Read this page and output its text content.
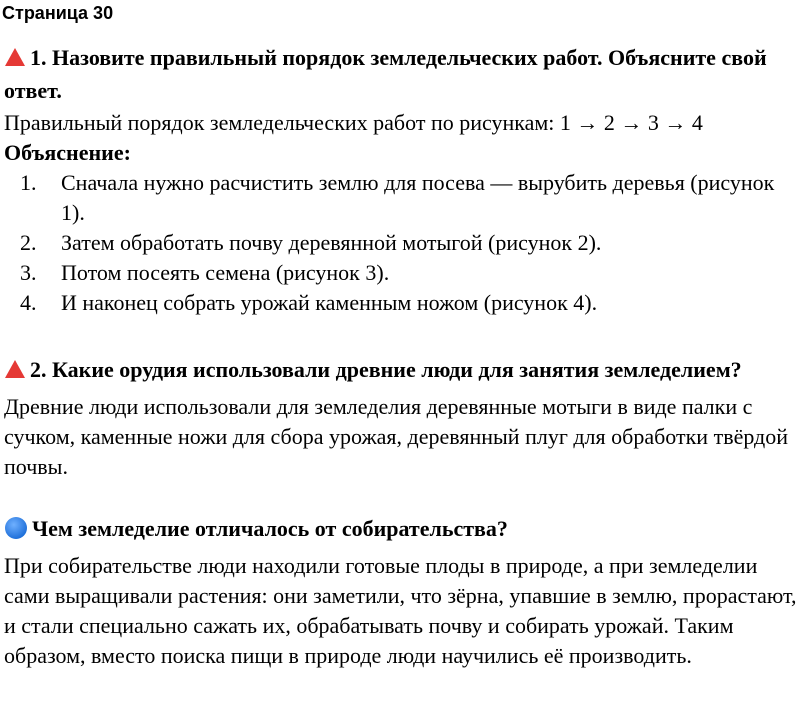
Страница 30
1. Назовите правильный порядок земледельческих работ. Объясните свой ответ.
Правильный порядок земледельческих работ по рисункам: 1 → 2 → 3 → 4
Объяснение:
1. Сначала нужно расчистить землю для посева — вырубить деревья (рисунок 1).
2. Затем обработать почву деревянной мотыгой (рисунок 2).
3. Потом посеять семена (рисунок 3).
4. И наконец собрать урожай каменным ножом (рисунок 4).
2. Какие орудия использовали древние люди для занятия земледелием?
Древние люди использовали для земледелия деревянные мотыги в виде палки с сучком, каменные ножи для сбора урожая, деревянный плуг для обработки твёрдой почвы.
Чем земледелие отличалось от собирательства?
При собирательстве люди находили готовые плоды в природе, а при земледелии сами выращивали растения: они заметили, что зёрна, упавшие в землю, прорастают, и стали специально сажать их, обрабатывать почву и собирать урожай. Таким образом, вместо поиска пищи в природе люди научились её производить.
